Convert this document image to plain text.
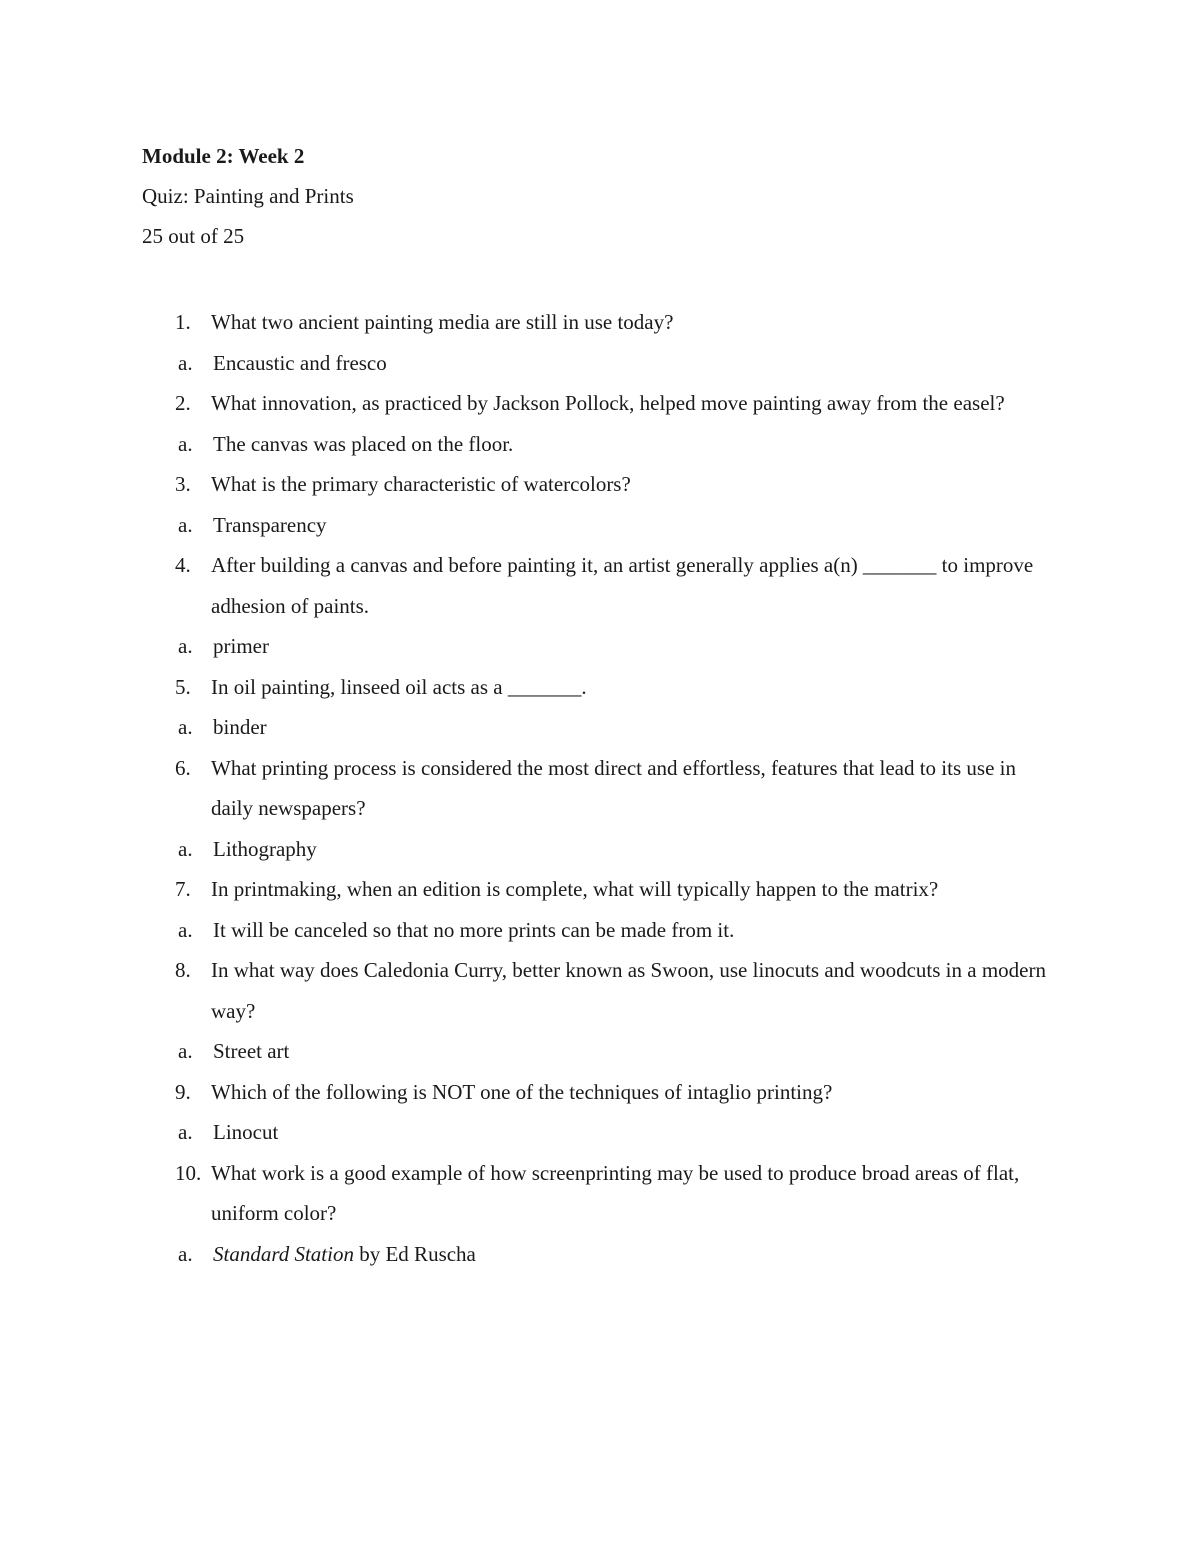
Module 2: Week 2

Quiz: Painting and Prints

25 out of 25

1. What two ancient painting media are still in use today?
a. Encaustic and fresco
2. What innovation, as practiced by Jackson Pollock, helped move painting away from the easel?
a. The canvas was placed on the floor.
3. What is the primary characteristic of watercolors?
a. Transparency
4. After building a canvas and before painting it, an artist generally applies a(n) _______ to improve adhesion of paints.
a. primer
5. In oil painting, linseed oil acts as a _______.
a. binder
6. What printing process is considered the most direct and effortless, features that lead to its use in daily newspapers?
a. Lithography
7. In printmaking, when an edition is complete, what will typically happen to the matrix?
a. It will be canceled so that no more prints can be made from it.
8. In what way does Caledonia Curry, better known as Swoon, use linocuts and woodcuts in a modern way?
a. Street art
9. Which of the following is NOT one of the techniques of intaglio printing?
a. Linocut
10. What work is a good example of how screenprinting may be used to produce broad areas of flat, uniform color?
a. Standard Station by Ed Ruscha
